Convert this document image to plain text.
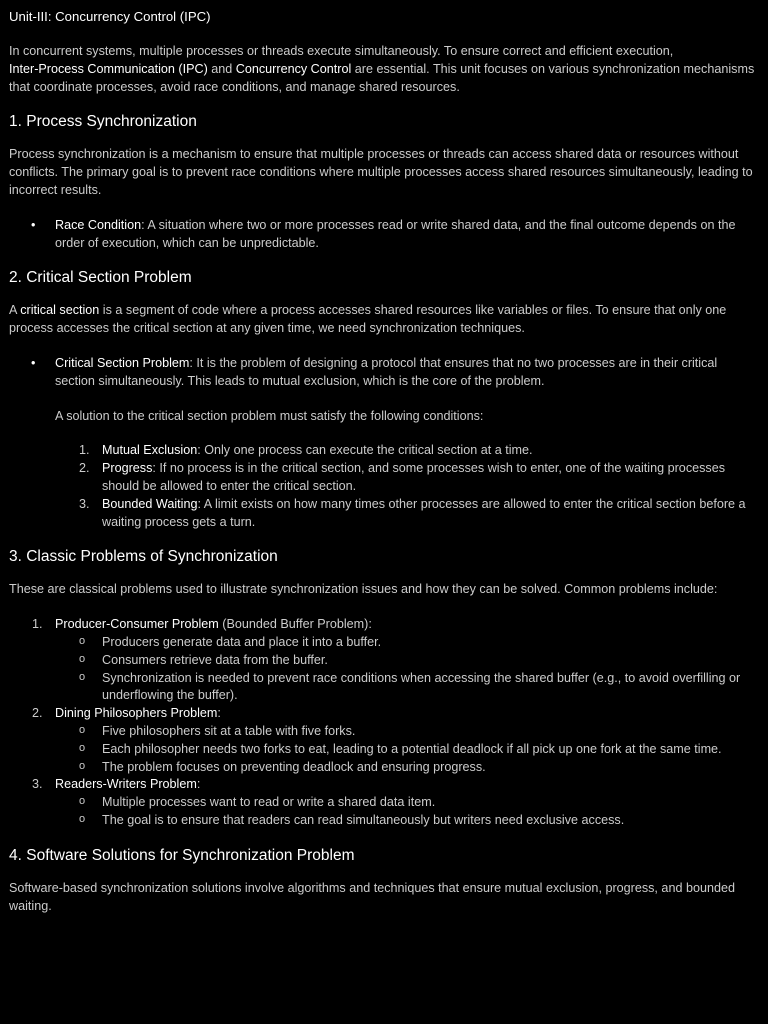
Unit-III: Concurrency Control (IPC)

In concurrent systems, multiple processes or threads execute simultaneously. To ensure correct and efficient execution,
Inter-Process Communication (IPC) and Concurrency Control are essential. This unit focuses on various synchronization mechanisms that coordinate processes, avoid race conditions, and manage shared resources.

1. Process Synchronization

Process synchronization is a mechanism to ensure that multiple processes or threads can access shared data or resources without conflicts. The primary goal is to prevent race conditions where multiple processes access shared resources simultaneously, leading to incorrect results.

• Race Condition: A situation where two or more processes read or write shared data, and the final outcome depends on the order of execution, which can be unpredictable.
2. Critical Section Problem

A critical section is a segment of code where a process accesses shared resources like variables or files. To ensure that only one process accesses the critical section at any given time, we need synchronization techniques.

• Critical Section Problem: It is the problem of designing a protocol that ensures that no two processes are in their critical section simultaneously. This leads to mutual exclusion, which is the core of the problem.

A solution to the critical section problem must satisfy the following conditions:

1. Mutual Exclusion: Only one process can execute the critical section at a time.
2. Progress: If no process is in the critical section, and some processes wish to enter, one of the waiting processes should be allowed to enter the critical section.
3. Bounded Waiting: A limit exists on how many times other processes are allowed to enter the critical section before a waiting process gets a turn.
3. Classic Problems of Synchronization

These are classical problems used to illustrate synchronization issues and how they can be solved. Common problems include:

1. Producer-Consumer Problem (Bounded Buffer Problem):
o Producers generate data and place it into a buffer.
o Consumers retrieve data from the buffer.
o Synchronization is needed to prevent race conditions when accessing the shared buffer (e.g., to avoid overfilling or underflowing the buffer).
2. Dining Philosophers Problem:
o Five philosophers sit at a table with five forks.
o Each philosopher needs two forks to eat, leading to a potential deadlock if all pick up one fork at the same time.
o The problem focuses on preventing deadlock and ensuring progress.
3. Readers-Writers Problem:
o Multiple processes want to read or write a shared data item.
o The goal is to ensure that readers can read simultaneously but writers need exclusive access.
4. Software Solutions for Synchronization Problem

Software-based synchronization solutions involve algorithms and techniques that ensure mutual exclusion, progress, and bounded waiting.
